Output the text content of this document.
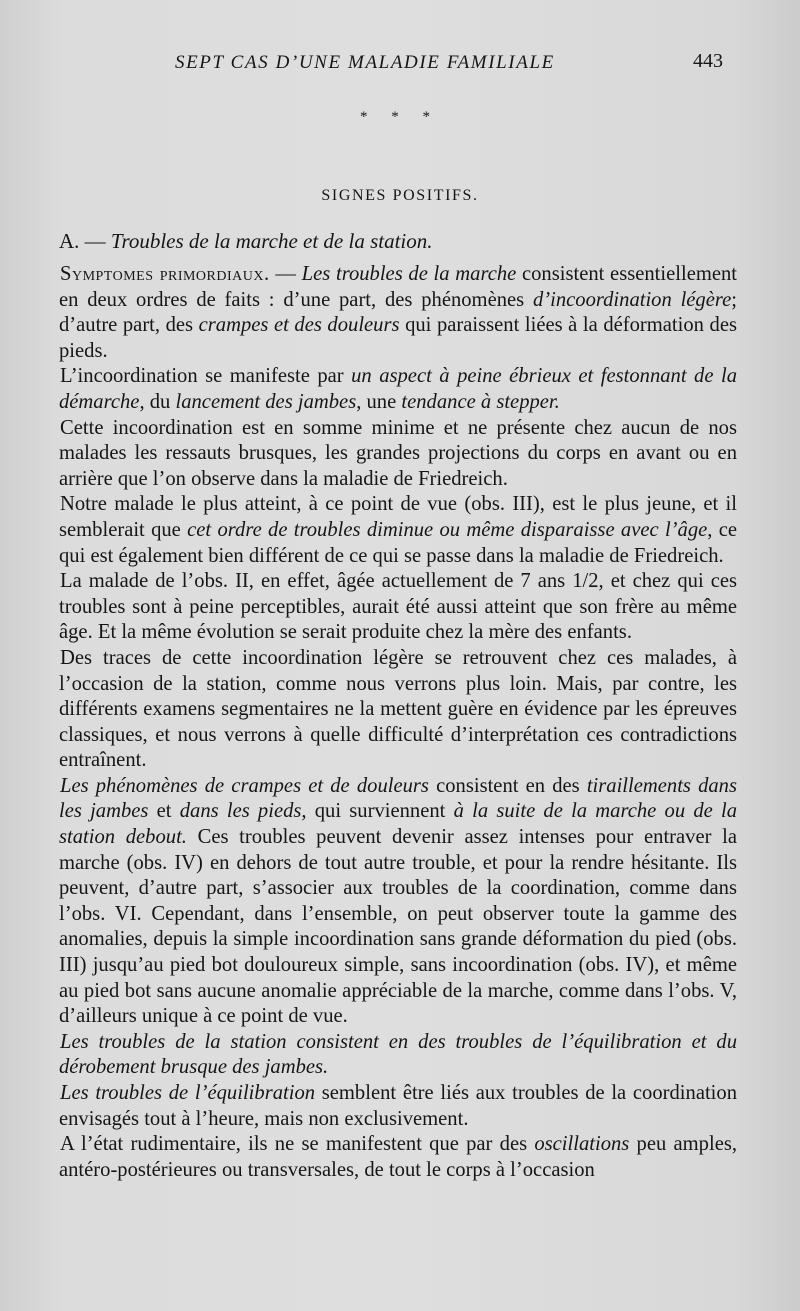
SEPT CAS D’UNE MALADIE FAMILIALE	443
* * *
SIGNES POSITIFS.
A. — Troubles de la marche et de la station.

Symptomes primordiaux. — Les troubles de la marche consistent essentiellement en deux ordres de faits : d’une part, des phénomènes d’incoordination légère; d’autre part, des crampes et des douleurs qui paraissent liées à la déformation des pieds.

L’incoordination se manifeste par un aspect à peine ébrieux et festonnant de la démarche, du lancement des jambes, une tendance à stepper.

Cette incoordination est en somme minime et ne présente chez aucun de nos malades les ressauts brusques, les grandes projections du corps en avant ou en arrière que l’on observe dans la maladie de Friedreich.

Notre malade le plus atteint, à ce point de vue (obs. III), est le plus jeune, et il semblerait que cet ordre de troubles diminue ou même disparaisse avec l’âge, ce qui est également bien différent de ce qui se passe dans la maladie de Friedreich.

La malade de l’obs. II, en effet, âgée actuellement de 7 ans 1/2, et chez qui ces troubles sont à peine perceptibles, aurait été aussi atteint que son frère au même âge. Et la même évolution se serait produite chez la mère des enfants.

Des traces de cette incoordination légère se retrouvent chez ces malades, à l’occasion de la station, comme nous verrons plus loin. Mais, par contre, les différents examens segmentaires ne la mettent guère en évidence par les épreuves classiques, et nous verrons à quelle difficulté d’interprétation ces contradictions entraînent.

Les phénomènes de crampes et de douleurs consistent en des tiraillements dans les jambes et dans les pieds, qui surviennent à la suite de la marche ou de la station debout. Ces troubles peuvent devenir assez intenses pour entraver la marche (obs. IV) en dehors de tout autre trouble, et pour la rendre hésitante. Ils peuvent, d’autre part, s’associer aux troubles de la coordination, comme dans l’obs. VI. Cependant, dans l’ensemble, on peut observer toute la gamme des anomalies, depuis la simple incoordination sans grande déformation du pied (obs. III) jusqu’au pied bot douloureux simple, sans incoordination (obs. IV), et même au pied bot sans aucune anomalie appréciable de la marche, comme dans l’obs. V, d’ailleurs unique à ce point de vue.

Les troubles de la station consistent en des troubles de l’équilibration et du dérobement brusque des jambes.

Les troubles de l’équilibration semblent être liés aux troubles de la coordination envisagés tout à l’heure, mais non exclusivement.

A l’état rudimentaire, ils ne se manifestent que par des oscillations peu amples, antéro-postérieures ou transversales, de tout le corps à l’occasion
